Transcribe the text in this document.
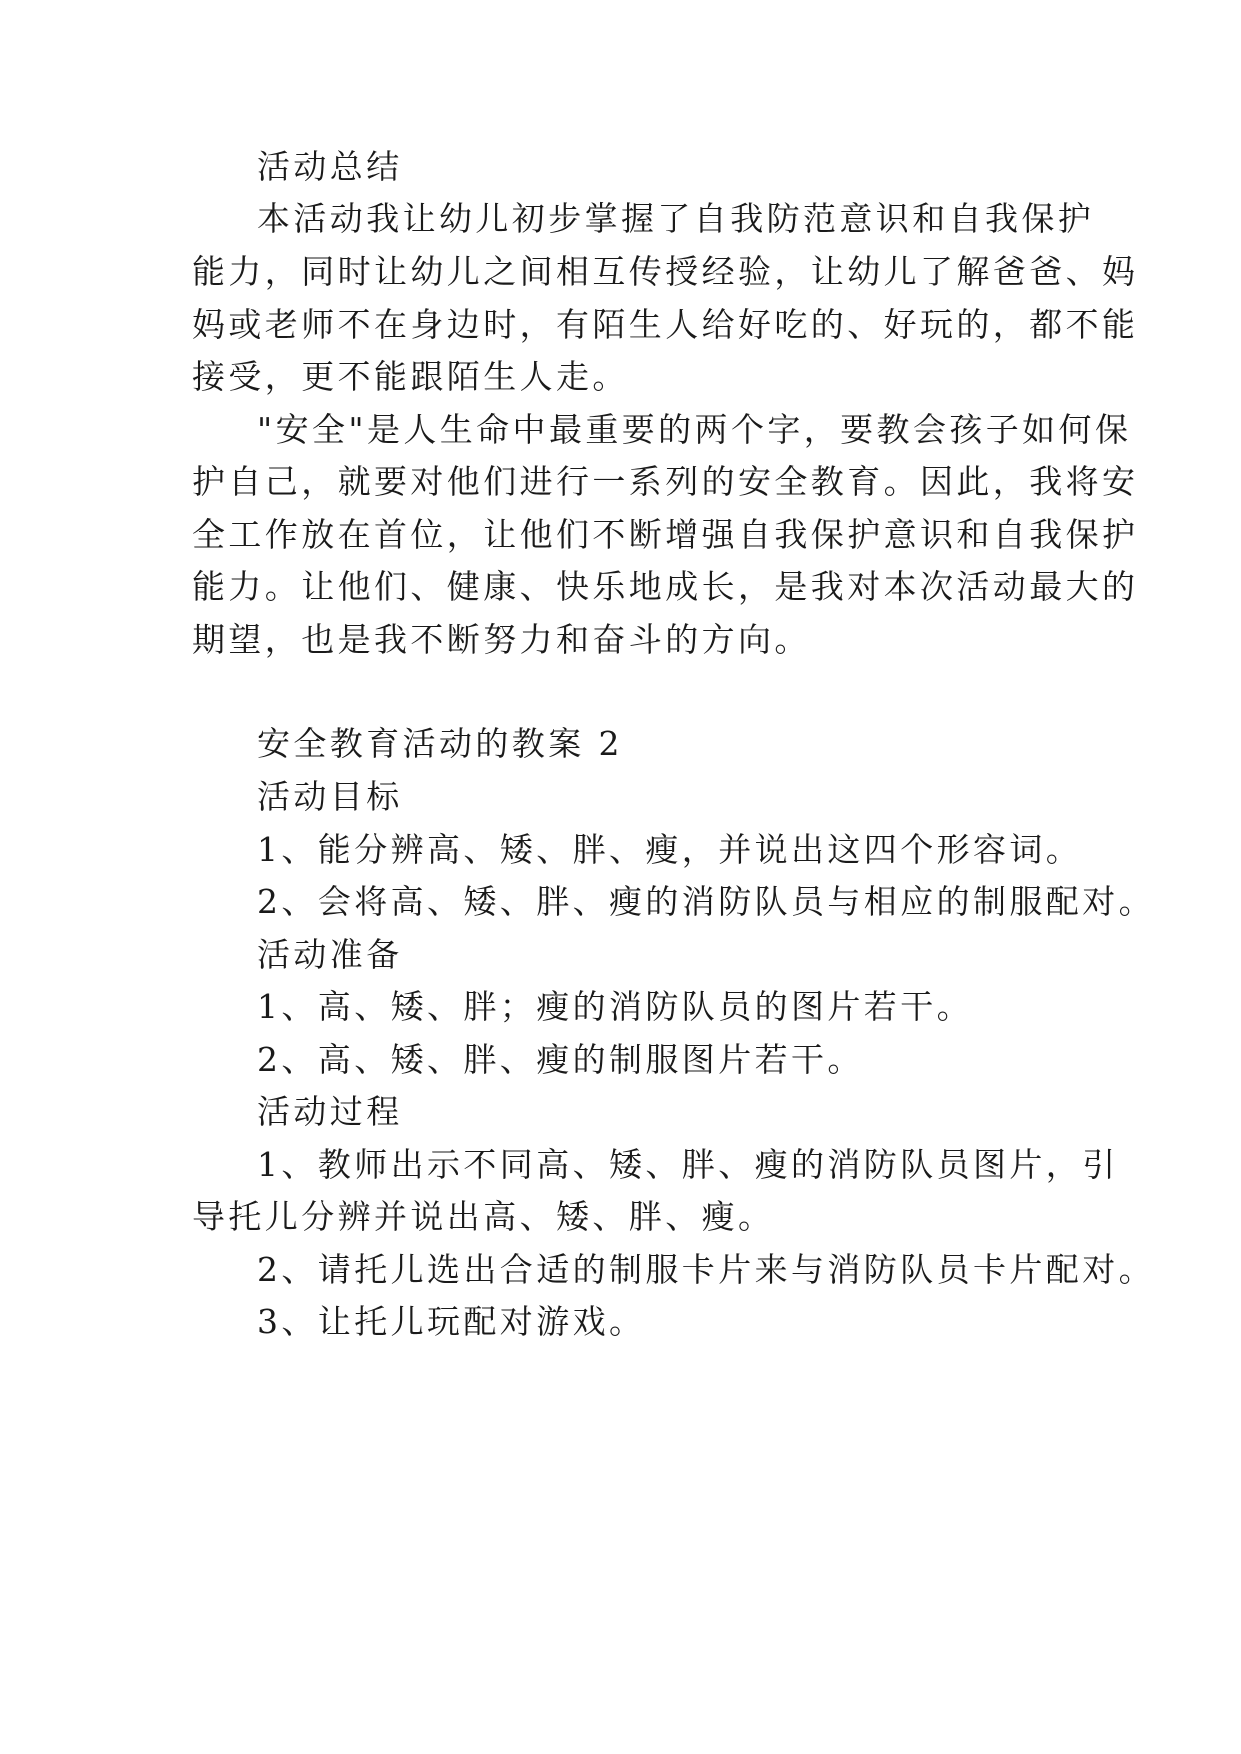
活动总结
本活动我让幼儿初步掌握了自我防范意识和自我保护
能力，同时让幼儿之间相互传授经验，让幼儿了解爸爸、妈
妈或老师不在身边时，有陌生人给好吃的、好玩的，都不能
接受，更不能跟陌生人走。
"安全"是人生命中最重要的两个字，要教会孩子如何保
护自己，就要对他们进行一系列的安全教育。因此，我将安
全工作放在首位，让他们不断增强自我保护意识和自我保护
能力。让他们、健康、快乐地成长，是我对本次活动最大的
期望，也是我不断努力和奋斗的方向。
安全教育活动的教案 2
活动目标
1、能分辨高、矮、胖、瘦，并说出这四个形容词。
2、会将高、矮、胖、瘦的消防队员与相应的制服配对。
活动准备
1、高、矮、胖；瘦的消防队员的图片若干。
2、高、矮、胖、瘦的制服图片若干。
活动过程
1、教师出示不同高、矮、胖、瘦的消防队员图片，引
导托儿分辨并说出高、矮、胖、瘦。
2、请托儿选出合适的制服卡片来与消防队员卡片配对。
3、让托儿玩配对游戏。
